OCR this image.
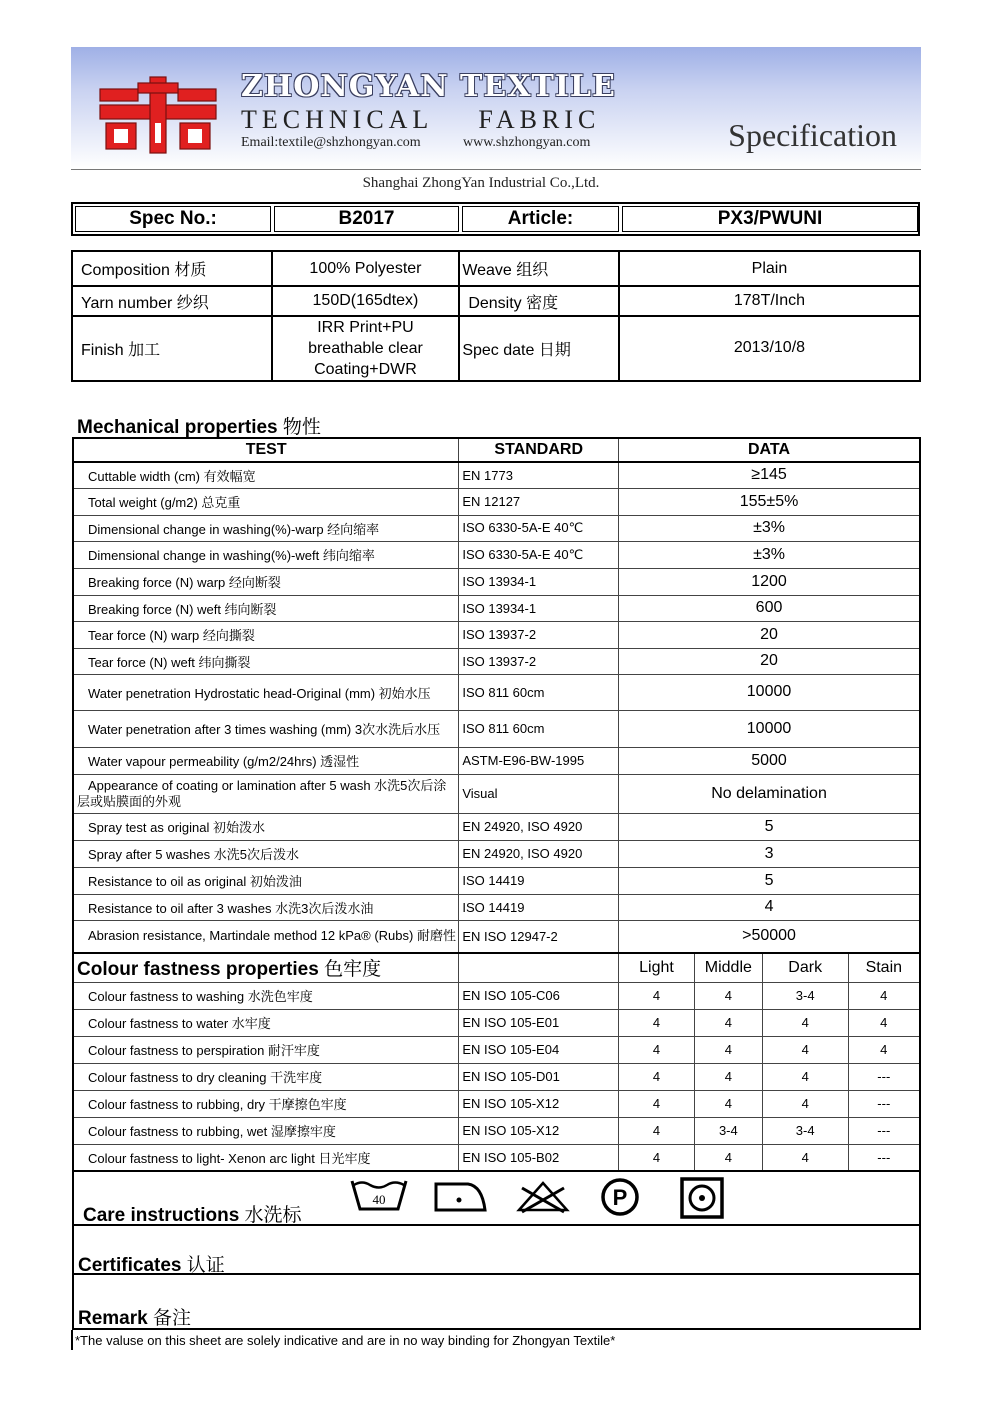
ZHONGYAN TEXTILE
TECHNICAL    FABRIC
Email:textile@shzhongyan.com	www.shzhongyan.com	Specification
Shanghai ZhongYan Industrial Co.,Ltd.
Spec No.:	B2017	Article:	PX3/PWUNI
Composition 材质	100% Polyester	Weave 组织	Plain
Yarn number 纱织	150D(165dtex)	Density 密度	178T/Inch
Finish 加工	IRR Print+PU
breathable clear
Coating+DWR	Spec date 日期	2013/10/8
Mechanical properties 物性
TEST	STANDARD	DATA			
Cuttable width (cm) 有效幅宽	EN 1773	≥145			
Total weight (g/m2) 总克重	EN 12127	155±5%			
Dimensional change in washing(%)-warp 经向缩率	ISO 6330-5A-E 40℃	±3%			
Dimensional change in washing(%)-weft 纬向缩率	ISO 6330-5A-E 40℃	±3%			
Breaking force (N) warp 经向断裂	ISO 13934-1	1200			
Breaking force (N) weft 纬向断裂	ISO 13934-1	600			
Tear force (N) warp 经向撕裂	ISO 13937-2	20			
Tear force (N) weft 纬向撕裂	ISO 13937-2	20			
Water penetration Hydrostatic head-Original (mm) 初始水压	ISO 811 60cm	10000			
Water penetration after 3 times washing (mm) 3次水洗后水压	ISO 811 60cm	10000			
Water vapour permeability (g/m2/24hrs) 透湿性	ASTM-E96-BW-1995	5000			
Appearance of coating or lamination after 5 wash 水洗5次后涂层或贴膜面的外观	Visual	No delamination			
Spray test as original 初始泼水	EN 24920, ISO 4920	5			
Spray after 5 washes 水洗5次后泼水	EN 24920, ISO 4920	3			
Resistance to oil as original 初始泼油	ISO 14419	5			
Resistance to oil after 3 washes 水洗3次后泼水油	ISO 14419	4			
Abrasion resistance, Martindale method 12 kPa® (Rubs) 耐磨性	EN ISO 12947-2	>50000			
Colour fastness properties 色牢度		Light	Middle	Dark	Stain
Colour fastness to washing 水洗色牢度	EN ISO 105-C06	4	4	3-4	4
Colour fastness to water 水牢度	EN ISO 105-E01	4	4	4	4
Colour fastness to perspiration 耐汗牢度	EN ISO 105-E04	4	4	4	4
Colour fastness to dry cleaning 干洗牢度	EN ISO 105-D01	4	4	4	---
Colour fastness to rubbing, dry 干摩擦色牢度	EN ISO 105-X12	4	4	4	---
Colour fastness to rubbing, wet 湿摩擦牢度	EN ISO 105-X12	4	3-4	3-4	---
Colour fastness to light- Xenon arc light 日光牢度	EN ISO 105-B02	4	4	4	---
Care instructions 水洗标
Certificates 认证
Remark 备注
40	P
*The valuse on this sheet are solely indicative and are in no way binding for Zhongyan Textile*
